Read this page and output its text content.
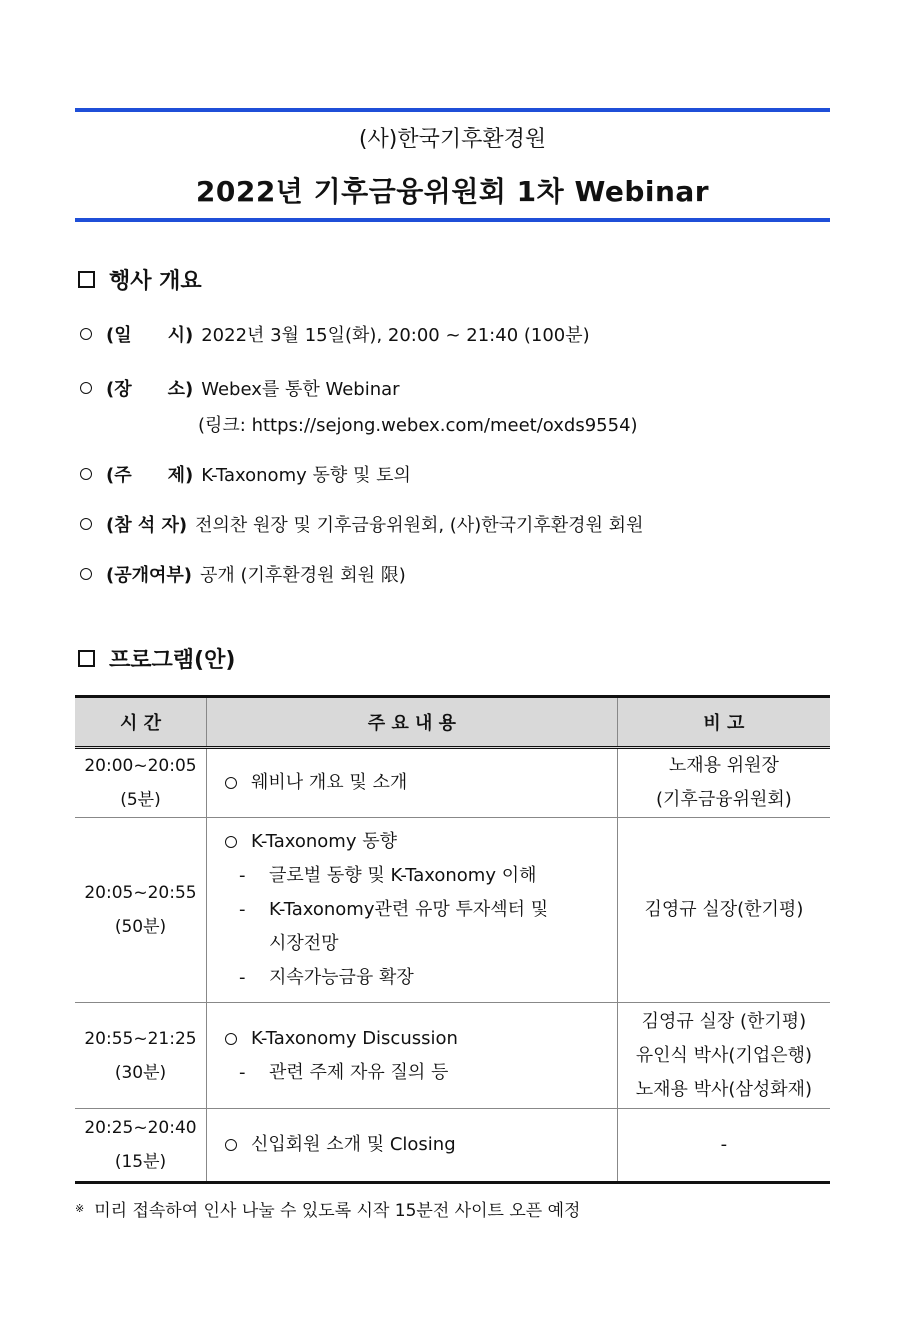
(사)한국기후환경원
2022년 기후금융위원회 1차 Webinar
행사 개요
(일　　시) 2022년 3월 15일(화), 20:00 ~ 21:40 (100분)
(장　　소) Webex를 통한 Webinar
(링크: https://sejong.webex.com/meet/oxds9554)
(주　　제) K-Taxonomy 동향 및 토의
(참 석 자) 전의찬 원장 및 기후금융위원회, (사)한국기후환경원 회원
(공개여부) 공개 (기후환경원 회원 限)
프로그램(안)
시 간	주 요 내 용	비 고

20:00~20:05
(5분)	웨비나 개요 및 소개	노재용 위원장
(기후금융위원회)

20:05~20:55
(50분)	K-Taxonomy 동향
- 글로벌 동향 및 K-Taxonomy 이해
- K-Taxonomy관련 유망 투자섹터 및
시장전망
- 지속가능금융 확장	김영규 실장(한기평)

20:55~21:25
(30분)	K-Taxonomy Discussion
- 관련 주제 자유 질의 등	김영규 실장 (한기평)
유인식 박사(기업은행)
노재용 박사(삼성화재)

20:25~20:40
(15분)	신입회원 소개 및 Closing	-
※ 미리 접속하여 인사 나눌 수 있도록 시작 15분전 사이트 오픈 예정
